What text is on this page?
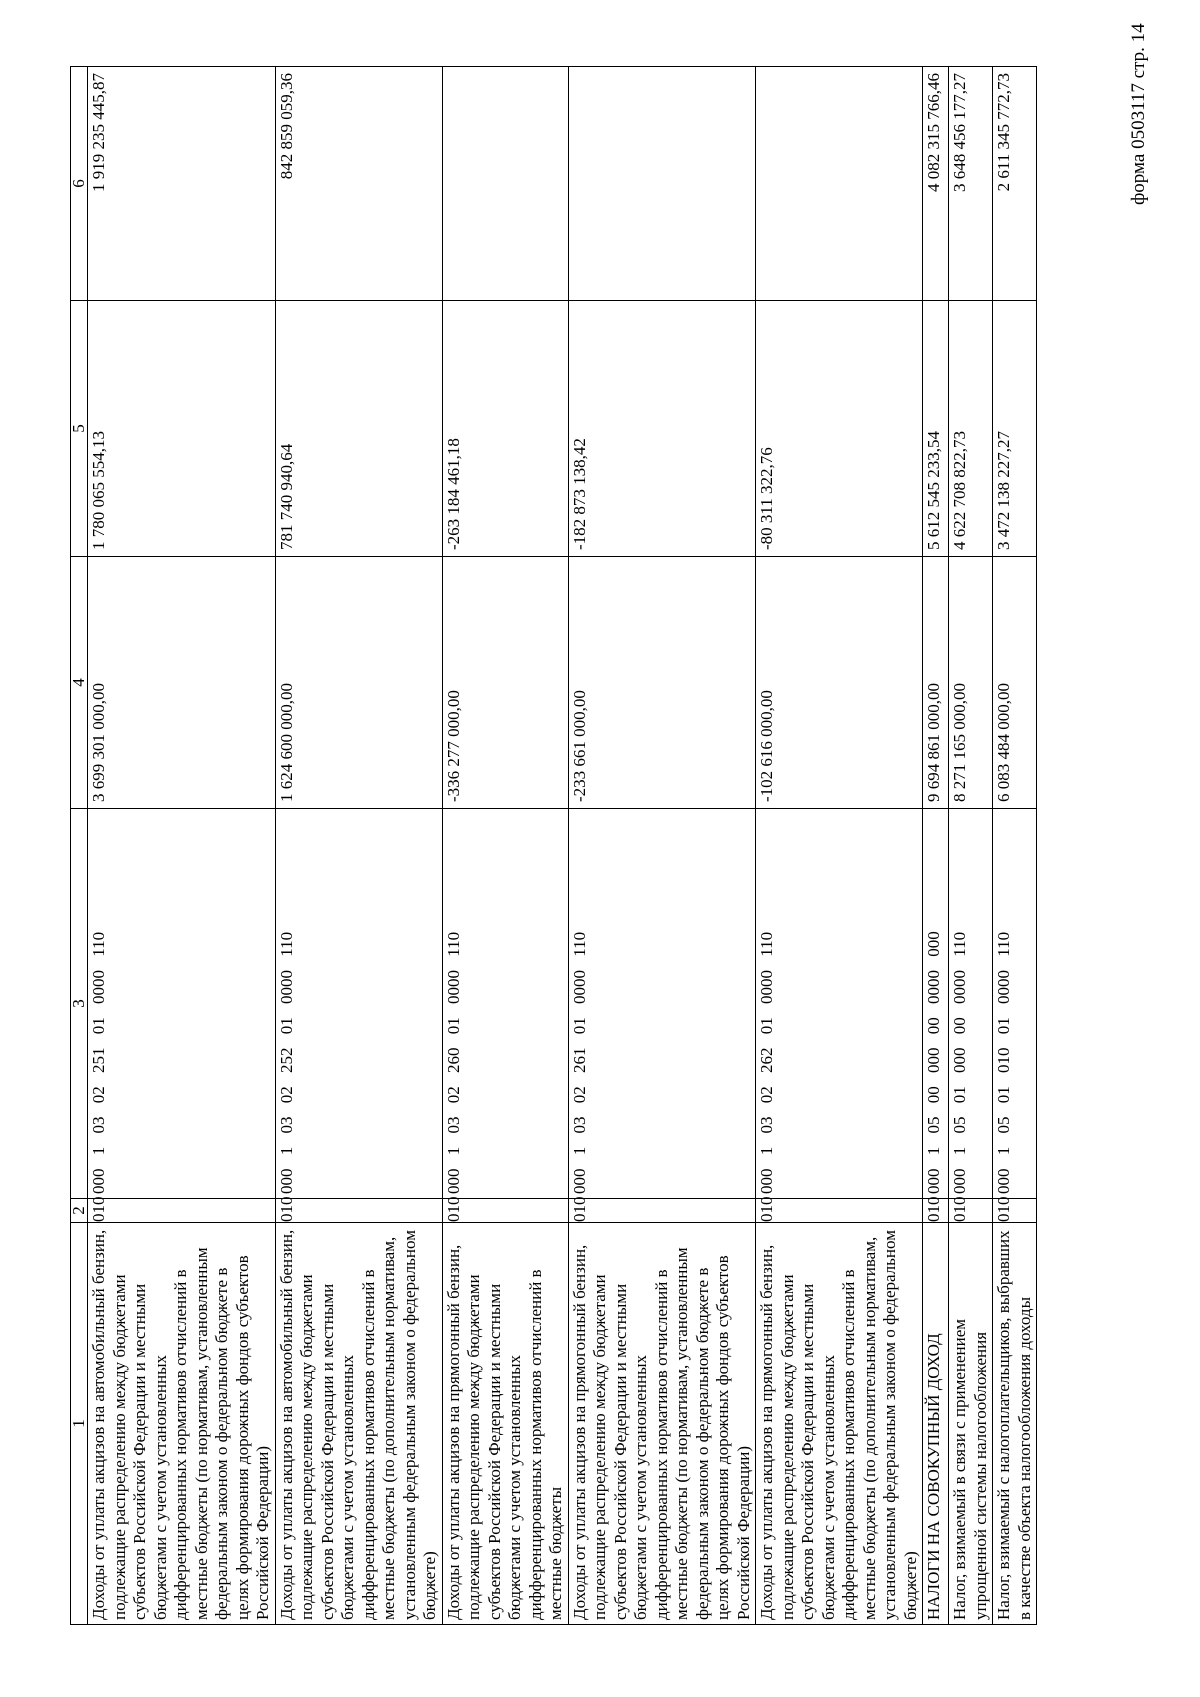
форма 0503117 стр. 14
1	2	3	4	5	6
Доходы от уплаты акцизов на автомобильный бензин, подлежащие распределению между бюджетами субъектов Российской Федерации и местными бюджетами с учетом установленных дифференцированных нормативов отчислений в местные бюджеты (по нормативам, установленным федеральным законом о федеральном бюджете в целях формирования дорожных фондов субъектов Российской Федерации)	010	000 1 03 02 251 01 0000 110	3 699 301 000,00	1 780 065 554,13	1 919 235 445,87
Доходы от уплаты акцизов на автомобильный бензин, подлежащие распределению между бюджетами субъектов Российской Федерации и местными бюджетами с учетом установленных дифференцированных нормативов отчислений в местные бюджеты (по дополнительным нормативам, установленным федеральным законом о федеральном бюджете)	010	000 1 03 02 252 01 0000 110	1 624 600 000,00	781 740 940,64	842 859 059,36
Доходы от уплаты акцизов на прямогонный бензин, подлежащие распределению между бюджетами субъектов Российской Федерации и местными бюджетами с учетом установленных дифференцированных нормативов отчислений в местные бюджеты	010	000 1 03 02 260 01 0000 110	-336 277 000,00	-263 184 461,18	
Доходы от уплаты акцизов на прямогонный бензин, подлежащие распределению между бюджетами субъектов Российской Федерации и местными бюджетами с учетом установленных дифференцированных нормативов отчислений в местные бюджеты (по нормативам, установленным федеральным законом о федеральном бюджете в целях формирования дорожных фондов субъектов Российской Федерации)	010	000 1 03 02 261 01 0000 110	-233 661 000,00	-182 873 138,42	
Доходы от уплаты акцизов на прямогонный бензин, подлежащие распределению между бюджетами субъектов Российской Федерации и местными бюджетами с учетом установленных дифференцированных нормативов отчислений в местные бюджеты (по дополнительным нормативам, установленным федеральным законом о федеральном бюджете)	010	000 1 03 02 262 01 0000 110	-102 616 000,00	-80 311 322,76	
НАЛОГИ НА СОВОКУПНЫЙ ДОХОД	010	000 1 05 00 000 00 0000 000	9 694 861 000,00	5 612 545 233,54	4 082 315 766,46
Налог, взимаемый в связи с применением упрощенной системы налогообложения	010	000 1 05 01 000 00 0000 110	8 271 165 000,00	4 622 708 822,73	3 648 456 177,27
Налог, взимаемый с налогоплательщиков, выбравших в качестве объекта налогообложения доходы	010	000 1 05 01 010 01 0000 110	6 083 484 000,00	3 472 138 227,27	2 611 345 772,73
